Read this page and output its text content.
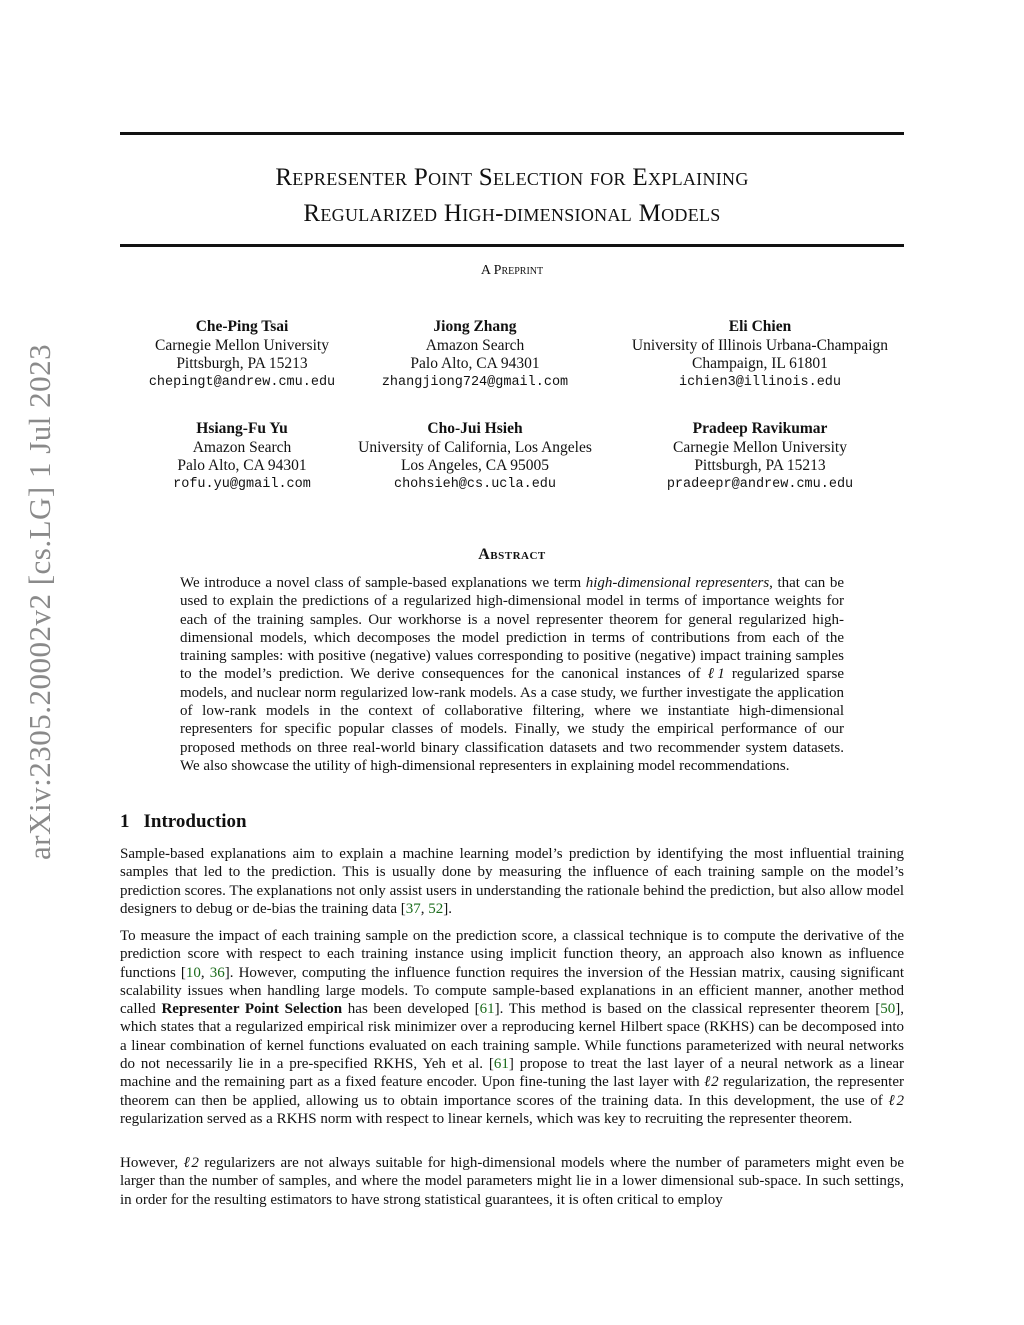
arXiv:2305.20002v2 [cs.LG] 1 Jul 2023
Representer Point Selection for Explaining
Regularized High-dimensional Models
A Preprint
Che-Ping Tsai
Carnegie Mellon University
Pittsburgh, PA 15213
chepingt@andrew.cmu.edu
Jiong Zhang
Amazon Search
Palo Alto, CA 94301
zhangjiong724@gmail.com
Eli Chien
University of Illinois Urbana-Champaign
Champaign, IL 61801
ichien3@illinois.edu
Hsiang-Fu Yu
Amazon Search
Palo Alto, CA 94301
rofu.yu@gmail.com
Cho-Jui Hsieh
University of California, Los Angeles
Los Angeles, CA 95005
chohsieh@cs.ucla.edu
Pradeep Ravikumar
Carnegie Mellon University
Pittsburgh, PA 15213
pradeepr@andrew.cmu.edu
Abstract
We introduce a novel class of sample-based explanations we term high-dimensional representers, that can be used to explain the predictions of a regularized high-dimensional model in terms of importance weights for each of the training samples. Our workhorse is a novel representer theorem for general regularized high-dimensional models, which decomposes the model prediction in terms of contributions from each of the training samples: with positive (negative) values corresponding to positive (negative) impact training samples to the model’s prediction. We derive consequences for the canonical instances of ℓ1 regularized sparse models, and nuclear norm regularized low-rank models. As a case study, we further investigate the application of low-rank models in the context of collaborative filtering, where we instantiate high-dimensional representers for specific popular classes of models. Finally, we study the empirical performance of our proposed methods on three real-world binary classification datasets and two recommender system datasets. We also showcase the utility of high-dimensional representers in explaining model recommendations.
1 Introduction
Sample-based explanations aim to explain a machine learning model’s prediction by identifying the most influential training samples that led to the prediction. This is usually done by measuring the influence of each training sample on the model’s prediction scores. The explanations not only assist users in understanding the rationale behind the prediction, but also allow model designers to debug or de-bias the training data [37, 52].
To measure the impact of each training sample on the prediction score, a classical technique is to compute the derivative of the prediction score with respect to each training instance using implicit function theory, an approach also known as influence functions [10, 36]. However, computing the influence function requires the inversion of the Hessian matrix, causing significant scalability issues when handling large models. To compute sample-based explanations in an efficient manner, another method called Representer Point Selection has been developed [61]. This method is based on the classical representer theorem [50], which states that a regularized empirical risk minimizer over a reproducing kernel Hilbert space (RKHS) can be decomposed into a linear combination of kernel functions evaluated on each training sample. While functions parameterized with neural networks do not necessarily lie in a pre-specified RKHS, Yeh et al. [61] propose to treat the last layer of a neural network as a linear machine and the remaining part as a fixed feature encoder. Upon fine-tuning the last layer with ℓ2 regularization, the representer theorem can then be applied, allowing us to obtain importance scores of the training data. In this development, the use of ℓ2 regularization served as a RKHS norm with respect to linear kernels, which was key to recruiting the representer theorem.
However, ℓ2 regularizers are not always suitable for high-dimensional models where the number of parameters might even be larger than the number of samples, and where the model parameters might lie in a lower dimensional sub-space. In such settings, in order for the resulting estimators to have strong statistical guarantees, it is often critical to employ
